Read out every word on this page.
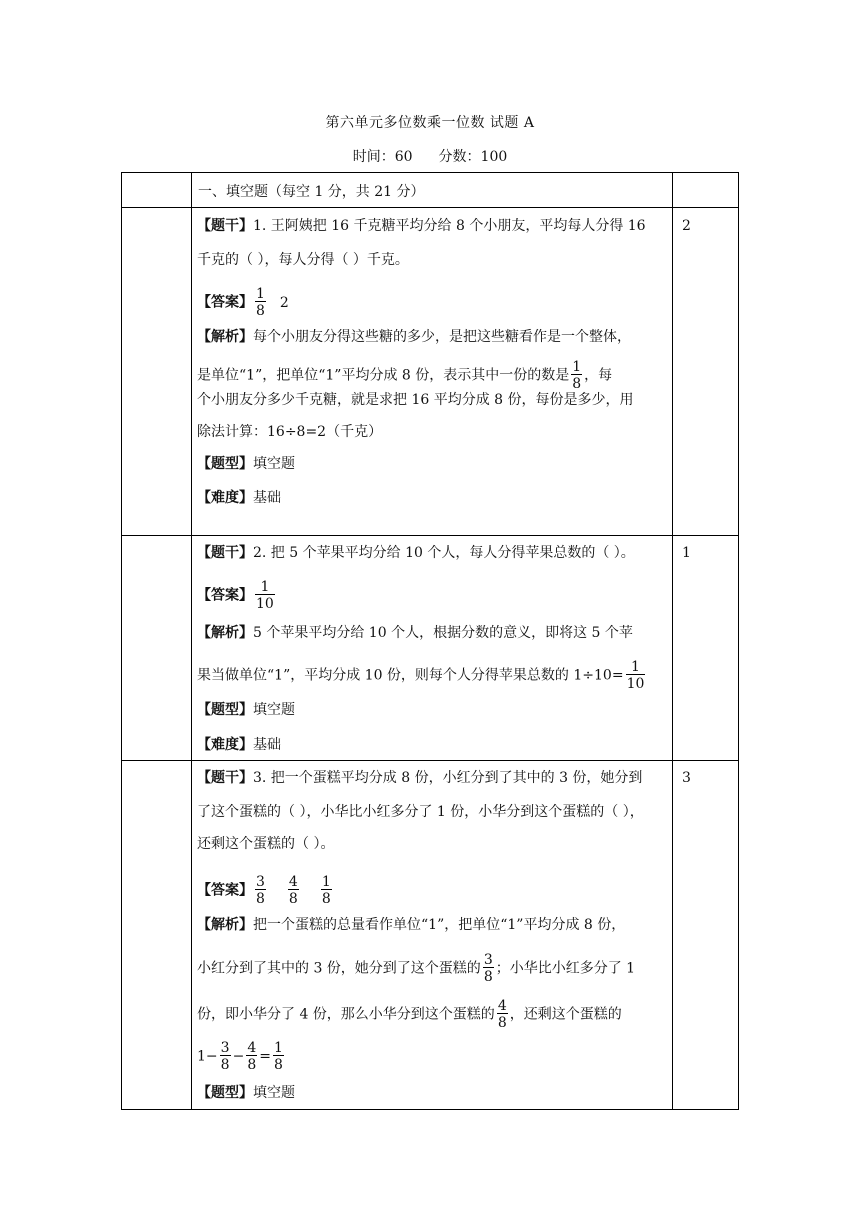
第六单元多位数乘一位数 试题 A
时间：60 分数：100
一、填空题（每空 1 分，共 21 分）
2
【题干】1. 王阿姨把 16 千克糖平均分给 8 个小朋友，平均每人分得 16
千克的（ ），每人分得（ ）千克。
【答案】 $\frac{1}{8} 2$
【解析】每个小朋友分得这些糖的多少，是把这些糖看作是一个整体，
是单位“1”，把单位“1”平均分成 8 份，表示其中一份的数是 $\frac{1}{8}$ ，每
个小朋友分多少千克糖，就是求把 16 平均分成 8 份，每份是多少，用
除法计算：16÷8=2（千克）
【题型】填空题
【难度】基础
1
【题干】2. 把 5 个苹果平均分给 10 个人，每人分得苹果总数的（ ）。
【答案】 $\frac{1}{10}$
【解析】5 个苹果平均分给 10 个人，根据分数的意义，即将这 5 个苹
果当做单位“1”，平均分成 10 份，则每个人分得苹果总数的 $1\div 10= \frac{1}{10}$
【题型】填空题
【难度】基础
3
【题干】3. 把一个蛋糕平均分成 8 份，小红分到了其中的 3 份，她分到
了这个蛋糕的（ ），小华比小红多分了 1 份，小华分到这个蛋糕的（ ），
还剩这个蛋糕的（ ）。
【答案】 $\frac{3}{8} \frac{4}{8} \frac{1}{8}$
【解析】把一个蛋糕的总量看作单位“1”，把单位“1”平均分成 8 份，
小红分到了其中的 3 份，她分到了这个蛋糕的 $\frac{3}{8}$ ；小华比小红多分了 1
份，即小华分了 4 份，那么小华分到这个蛋糕的 $\frac{4}{8}$ ，还剩这个蛋糕的
$1- \frac{3}{8} - \frac{4}{8} = \frac{1}{8}$
【题型】填空题
